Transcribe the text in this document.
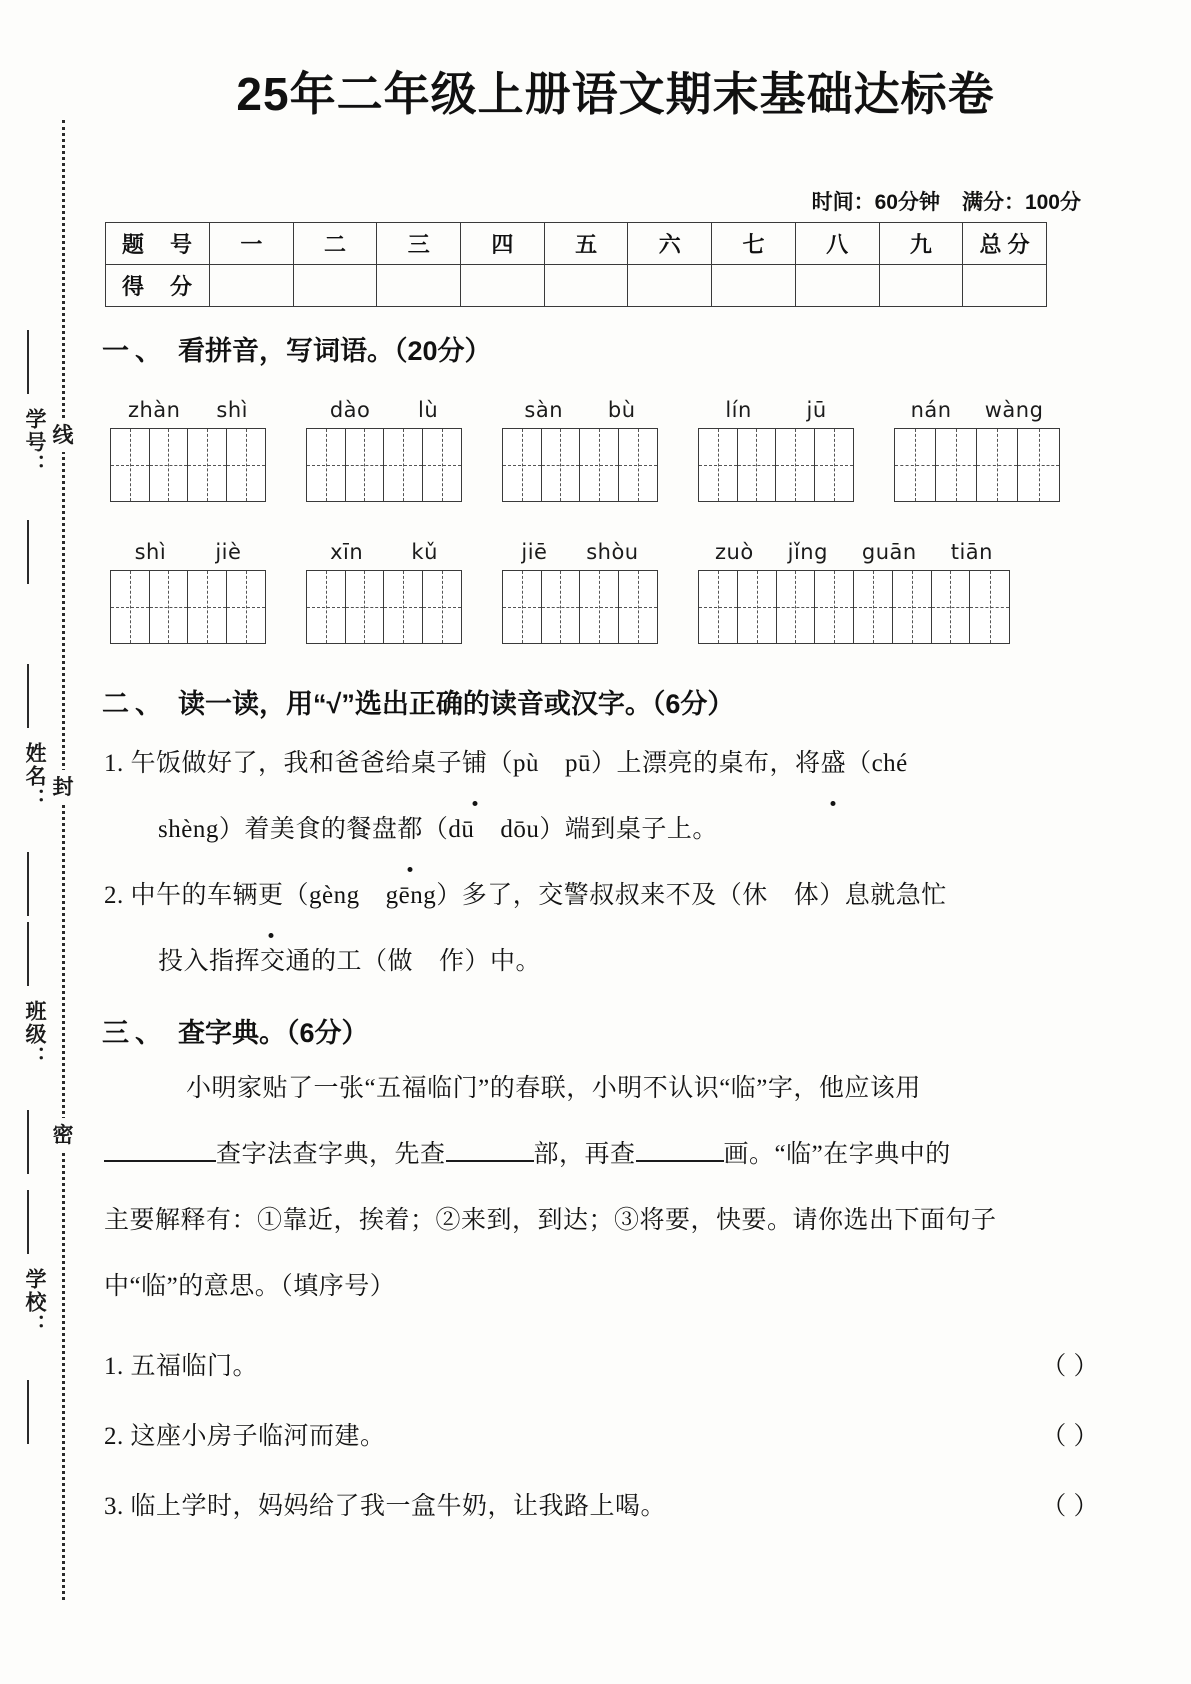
线
封
密
学号：
姓名：
班级：
学校：
25年二年级上册语文期末基础达标卷
时间：60分钟 满分：100分
题 号	一	二	三	四	五	六	七	八	九	总 分
得 分										
一、 看拼音，写词语。（20分）
zhàn shì	dào lù	sàn bù	lín	jū	nán wàng
shì jiè	xīn kǔ	jiē shòu	zuò jǐng guān tiān
二、 读一读，用“√”选出正确的读音或汉字。（6分）
1. 午饭做好了，我和爸爸给桌子铺（pù pū）上漂亮的桌布，将盛（ché
shèng）着美食的餐盘都（dū dōu）端到桌子上。
2. 中午的车辆更（gèng gēng）多了，交警叔叔来不及（休 体）息就急忙
投入指挥交通的工（做 作）中。
三、 查字典。（6分）
小明家贴了一张“五福临门”的春联，小明不认识“临”字，他应该用
查字法查字典，先查	部，再查	画。“临”在字典中的
主要解释有：①靠近，挨着；②来到，到达；③将要，快要。请你选出下面句子
中“临”的意思。（填序号）
1. 五福临门。	（ ）
2. 这座小房子临河而建。	（ ）
3. 临上学时，妈妈给了我一盒牛奶，让我路上喝。	（ ）
